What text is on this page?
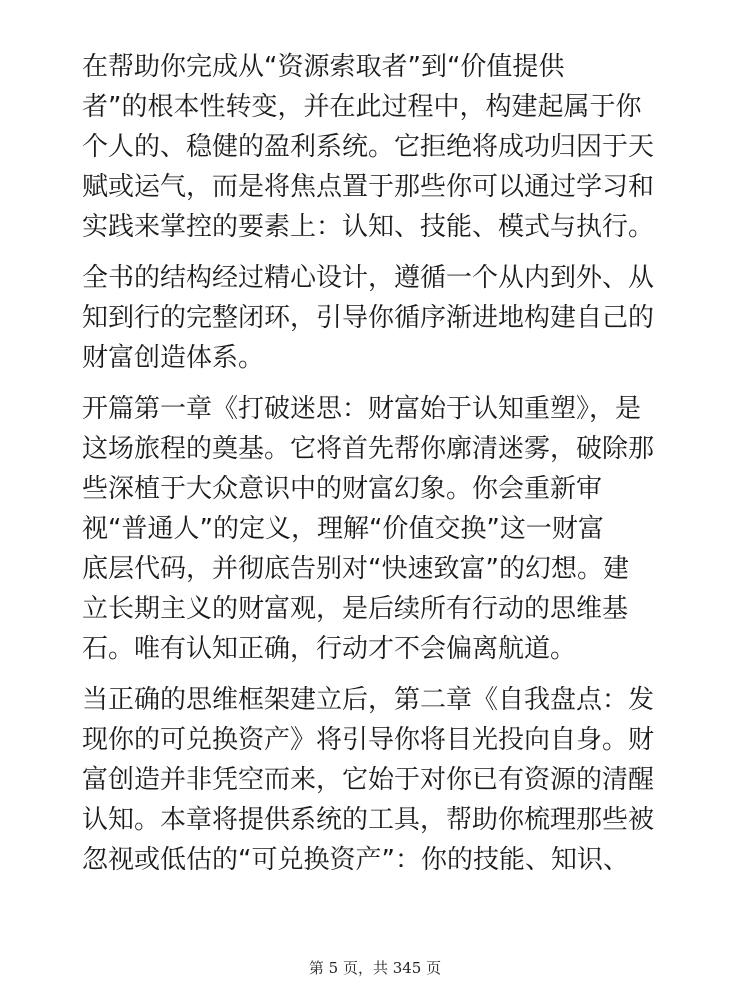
在帮助你完成从“资源索取者”到“价值提供
者”的根本性转变，并在此过程中，构建起属于你
个人的、稳健的盈利系统。它拒绝将成功归因于天
赋或运气，而是将焦点置于那些你可以通过学习和
实践来掌控的要素上：认知、技能、模式与执行。

全书的结构经过精心设计，遵循一个从内到外、从
知到行的完整闭环，引导你循序渐进地构建自己的
财富创造体系。

开篇第一章《打破迷思：财富始于认知重塑》，是
这场旅程的奠基。它将首先帮你廓清迷雾，破除那
些深植于大众意识中的财富幻象。你会重新审
视“普通人”的定义，理解“价值交换”这一财富
底层代码，并彻底告别对“快速致富”的幻想。建
立长期主义的财富观，是后续所有行动的思维基
石。唯有认知正确，行动才不会偏离航道。

当正确的思维框架建立后，第二章《自我盘点：发
现你的可兑换资产》将引导你将目光投向自身。财
富创造并非凭空而来，它始于对你已有资源的清醒
认知。本章将提供系统的工具，帮助你梳理那些被
忽视或低估的“可兑换资产”：你的技能、知识、

第 5 页，共 345 页
